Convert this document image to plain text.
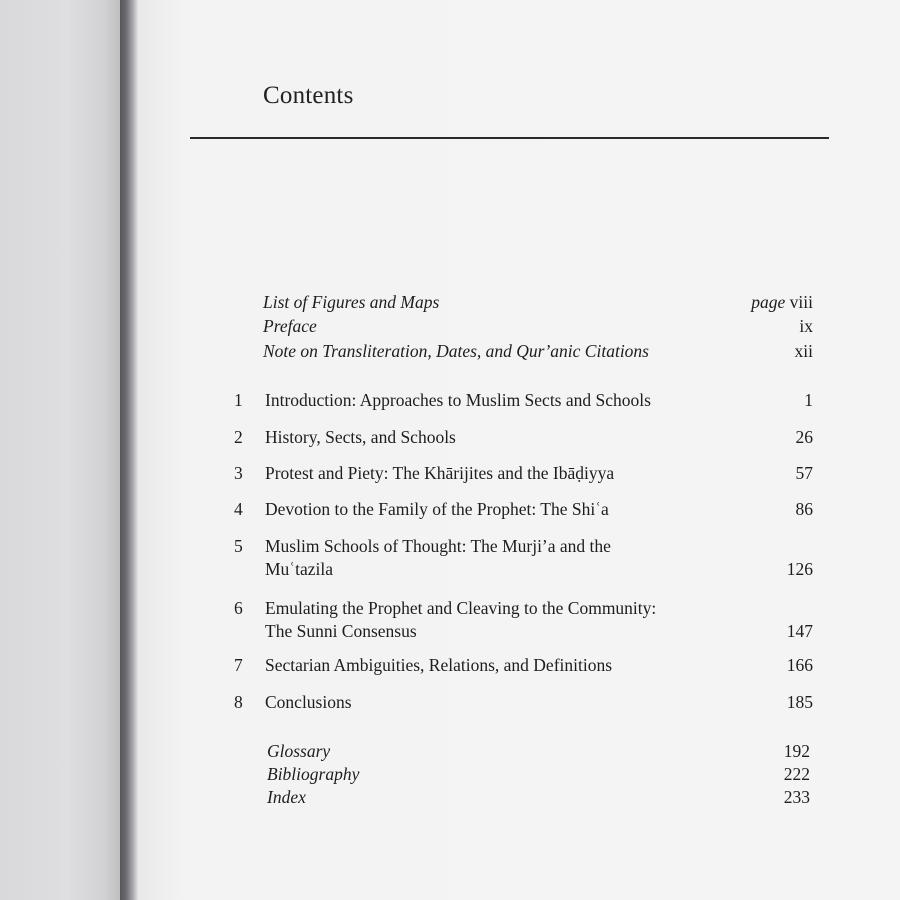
Contents
List of Figures and Maps	page viii
Preface	ix
Note on Transliteration, Dates, and Qurʼanic Citations	xii
1 Introduction: Approaches to Muslim Sects and Schools	1
2 History, Sects, and Schools	26
3 Protest and Piety: The Khārijites and the Ibāḍiyya	57
4 Devotion to the Family of the Prophet: The Shiʿa	86
5 Muslim Schools of Thought: The Murjiʼa and the
Muʿtazila	126
6 Emulating the Prophet and Cleaving to the Community:
The Sunni Consensus	147
7 Sectarian Ambiguities, Relations, and Definitions	166
8 Conclusions	185
Glossary	192
Bibliography	222
Index	233
